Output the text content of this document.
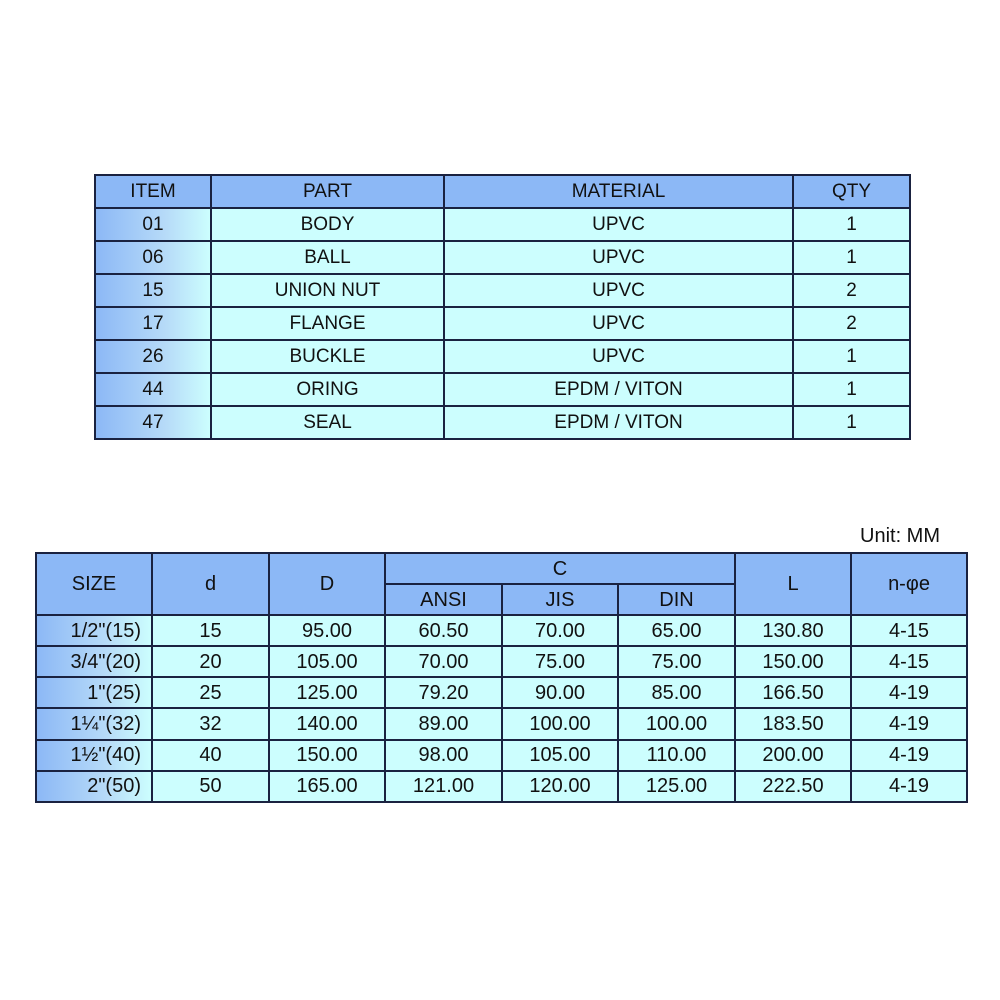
ITEM	PART	MATERIAL	QTY
01	BODY	UPVC	1
06	BALL	UPVC	1
15	UNION NUT	UPVC	2
17	FLANGE	UPVC	2
26	BUCKLE	UPVC	1
44	ORING	EPDM / VITON	1
47	SEAL	EPDM / VITON	1
Unit: MM
SIZE	d	D	C			L	n-φe
			ANSI	JIS	DIN		
1/2"(15)	15	95.00	60.50	70.00	65.00	130.80	4-15
3/4"(20)	20	105.00	70.00	75.00	75.00	150.00	4-15
1"(25)	25	125.00	79.20	90.00	85.00	166.50	4-19
1¼"(32)	32	140.00	89.00	100.00	100.00	183.50	4-19
1½"(40)	40	150.00	98.00	105.00	110.00	200.00	4-19
2"(50)	50	165.00	121.00	120.00	125.00	222.50	4-19
